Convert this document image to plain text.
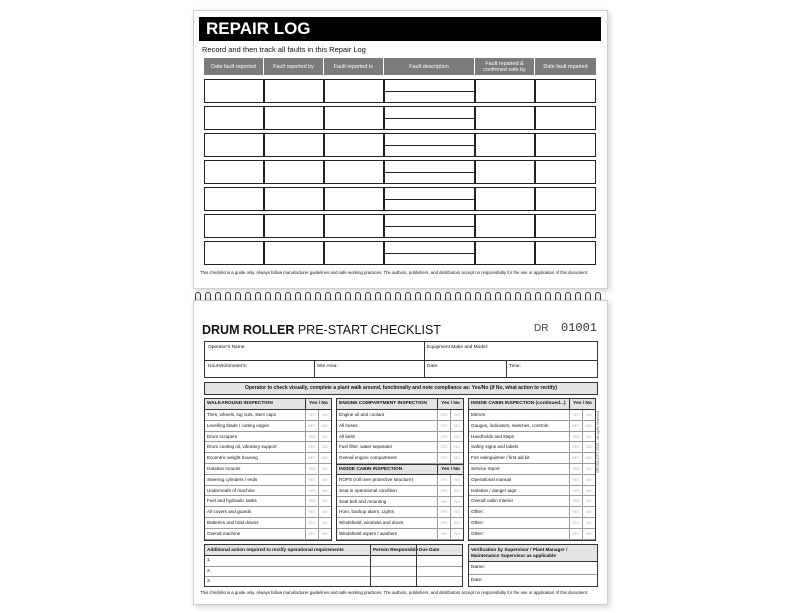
REPAIR LOG
Record and then track all faults in this Repair Log
Date fault reported	Fault reported by	Fault reported to	Fault description	Fault repaired & confirmed safe by	Date fault repaired
This checklist is a guide only. Always follow manufacturer guidelines and safe working practices. The authors, publishers, and distributors accept no responsibility for the use or application of this document.
DRUM ROLLER PRE-START CHECKLIST	DR 01001
Operator's Name:	Equipment Make and Model:
Hours/Kilometer's:	Site Area:	Date:	Time:
Operator to check visually, complete a plant walk around, functionally and note compliance as: Yes/No (if No, what action to rectify)
WALKAROUND INSPECTION	Yes / No
Tires, wheels, lug nuts, stem caps	YES	NO
Levelling blade / cutting edges	YES	NO
Drum scrapers	YES	NO
Drum cooling oil, vibratory support	YES	NO
Eccentric weight housing	YES	NO
Isolation mounts	YES	NO
Steering cylinders / ends	YES	NO
Underneath of machine	YES	NO
Fuel and hydraulic tanks	YES	NO
All covers and guards	YES	NO
Batteries and hold downs	YES	NO
Overall machine	YES	NO
ENGINE COMPARTMENT INSPECTION	Yes / No
Engine oil and coolant	YES	NO
All hoses	YES	NO
All belts	YES	NO
Fuel filter, water separator	YES	NO
Overall engine compartment	YES	NO
INSIDE CABIN INSPECTION	Yes / No
ROPS (roll over protective structure)	YES	NO
Seat in operational condition	YES	NO
Seat belt and mounting	YES	NO
Horn, backup alarm, Lights	YES	NO
Windshield, windows and doors	YES	NO
Windshield wipers / washers	YES	NO
INSIDE CABIN INSPECTION (continued...)	Yes / No
Mirrors	YES	NO
Gauges, indicators, switches, controls	YES	NO
Handholds and steps	YES	NO
Safety signs and labels	YES	NO
Fire extinguisher / first aid kit	YES	NO
Service report	YES	NO
Operational manual	YES	NO
Isolation / danger tags	YES	NO
Overall cabin interior	YES	NO
Other:	YES	NO
Other:	YES	NO
Other:	YES	NO
Additional action required to rectify operational requirements	Person Responsible Due Date
1.
2.
3.
Verification by Supervisor / Plant Manager / Maintenance Supervisor as applicable
Name:
Date:
DR-001-CFS 2013 · All rights reserved
This checklist is a guide only. Always follow manufacturer guidelines and safe working practices. The authors, publishers, and distributors accept no responsibility for the use or application of this document.
